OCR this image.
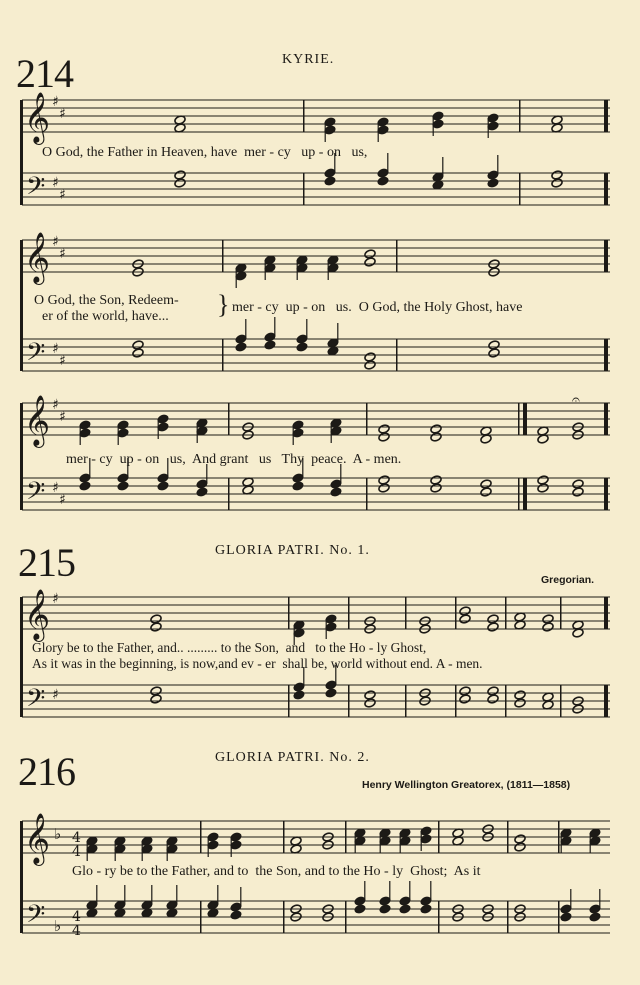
214	KYRIE.
O God, the Father in Heaven, have  mer - cy   up - on   us,
O God, the Son, Redeem-
er of the world, have... } mer - cy  up - on   us.  O God, the Holy Ghost, have
mer - cy  up - on   us,  And grant   us   Thy  peace.  A - men.
215	GLORIA PATRI. No. 1.
Gregorian.
Glory be to the Father, and.. ......... to the Son,  and   to the Ho - ly Ghost,
As it was in the beginning, is now,and ev - er  shall be, world without end. A - men.
216	GLORIA PATRI. No. 2.
Henry Wellington Greatorex, (1811—1858)
Glo - ry be to the Father, and to  the Son, and to the Ho - ly  Ghost;  As it
𝄞
𝄢
♯
♯
♯
♯
𝄞
𝄢
♯
♯
♯
♯
𝄞
𝄢
♯
♯
♯
♯
𝄐
𝄞
𝄢
♯
♯
𝄞
𝄢
♭
♭
4
4
4
4
